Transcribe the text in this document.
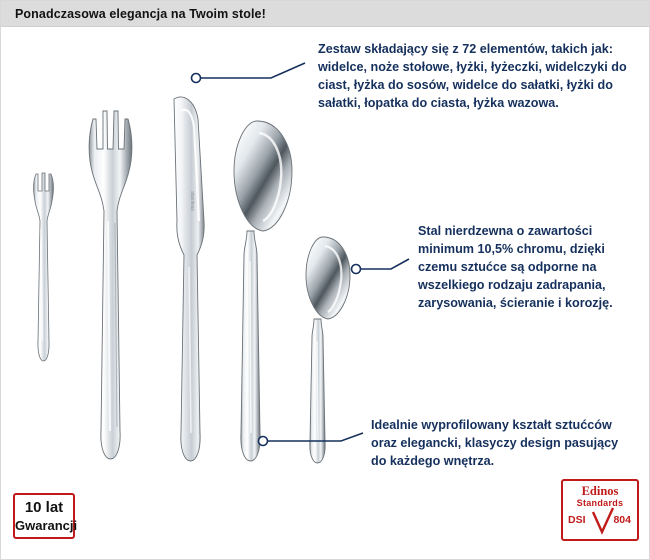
Ponadczasowa elegancja na Twoim stole!
stainless
Zestaw składający się z 72 elementów, takich jak: widelce, noże stołowe, łyżki, łyżeczki, widelczyki do ciast, łyżka do sosów, widelce do sałatki, łyżki do sałatki, łopatka do ciasta, łyżka wazowa.
Stal nierdzewna o zawartości minimum 10,5% chromu, dzięki czemu sztućce są odporne na wszelkiego rodzaju zadrapania, zarysowania, ścieranie i korozję.
Idealnie wyprofilowany kształt sztućców oraz elegancki, klasyczy design pasujący do każdego wnętrza.
10 lat
Gwarancji
Edinos
Standards
DSI	804
